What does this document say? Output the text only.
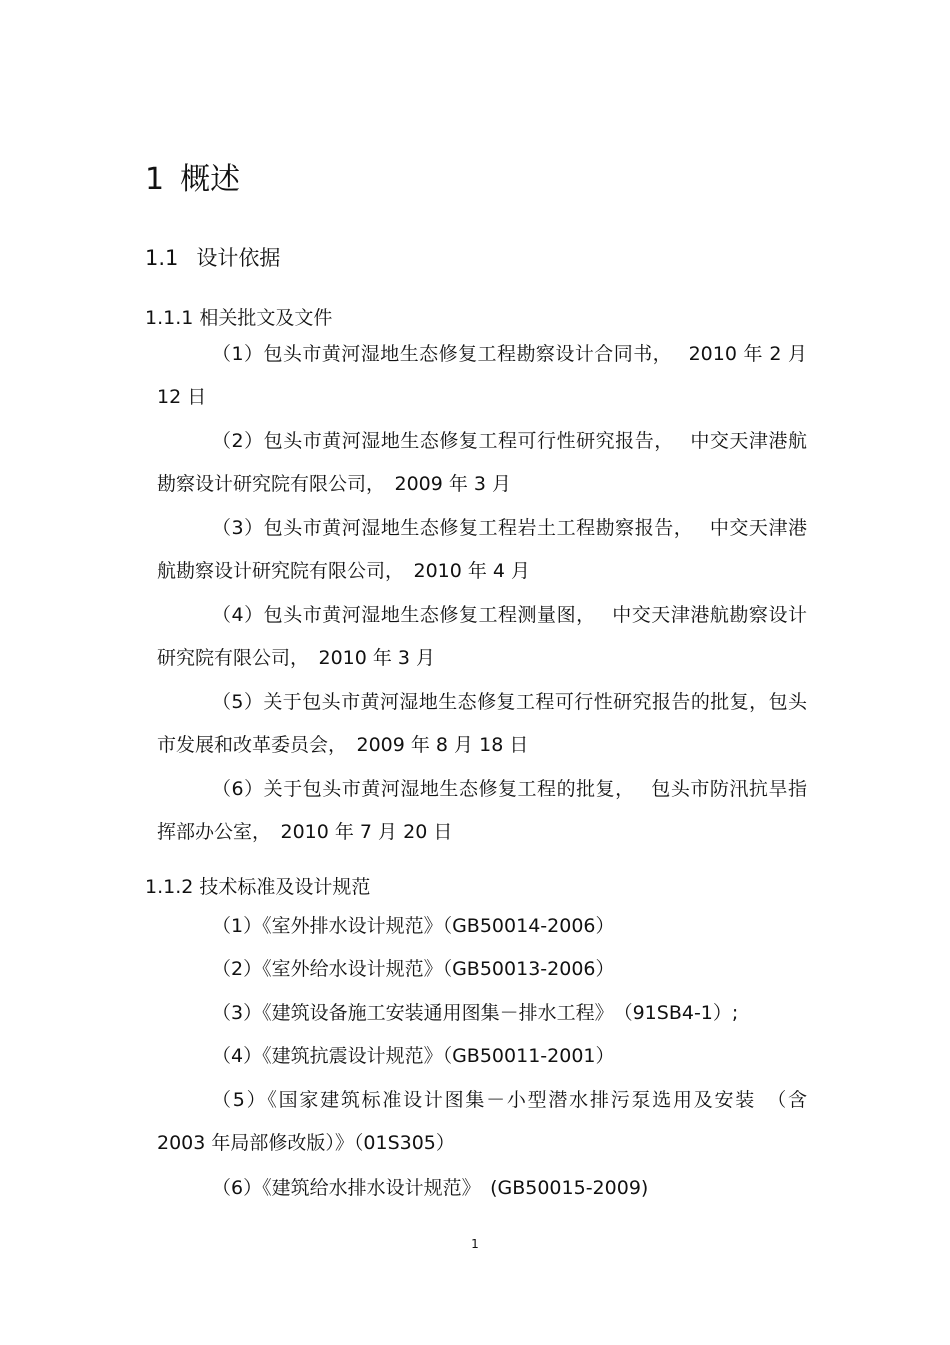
1 概述
1.1 设计依据
1.1.1 相关批文及文件
（1）包头市黄河湿地生态修复工程勘察设计合同书，　 2010 年 2 月 12 日
（2）包头市黄河湿地生态修复工程可行性研究报告，　 中交天津港航勘察设计研究院有限公司，　2009 年 3 月
（3）包头市黄河湿地生态修复工程岩土工程勘察报告，　 中交天津港航勘察设计研究院有限公司，　2010 年 4 月
（4）包头市黄河湿地生态修复工程测量图，　 中交天津港航勘察设计研究院有限公司，　2010 年 3 月
（5）关于包头市黄河湿地生态修复工程可行性研究报告的批复，包头市发展和改革委员会，　2009 年 8 月 18 日
（6）关于包头市黄河湿地生态修复工程的批复，　 包头市防汛抗旱指挥部办公室，　2010 年 7 月 20 日
1.1.2 技术标准及设计规范
（1）《室外排水设计规范》（GB50014-2006）
（2）《室外给水设计规范》（GB50013-2006）
（3）《建筑设备施工安装通用图集－排水工程》　（91SB4-1）;
（4）《建筑抗震设计规范》（GB50011-2001）
（5）《国家建筑标准设计图集－小型潜水排污泵选用及安装　（含 2003 年局部修改版）》（01S305）
（6）《建筑给水排水设计规范》　(GB50015-2009)
1
